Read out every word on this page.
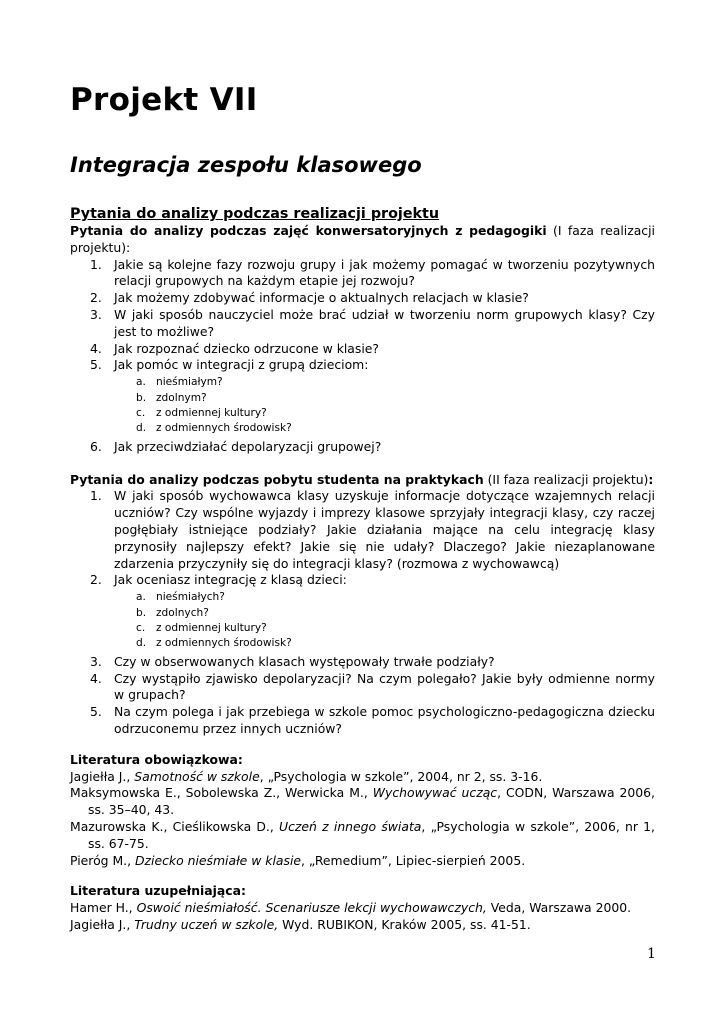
Projekt VII
Integracja zespołu klasowego
Pytania do analizy podczas realizacji projektu
Pytania do analizy podczas zajęć konwersatoryjnych z pedagogiki (I faza realizacji projektu):
1. Jakie są kolejne fazy rozwoju grupy i jak możemy pomagać w tworzeniu pozytywnych relacji grupowych na każdym etapie jej rozwoju?
2. Jak możemy zdobywać informacje o aktualnych relacjach w klasie?
3. W jaki sposób nauczyciel może brać udział w tworzeniu norm grupowych klasy? Czy jest to możliwe?
4. Jak rozpoznać dziecko odrzucone w klasie?
5. Jak pomóc w integracji z grupą dzieciom:
a. nieśmiałym?
b. zdolnym?
c. z odmiennej kultury?
d. z odmiennych środowisk?
6. Jak przeciwdziałać depolaryzacji grupowej?
Pytania do analizy podczas pobytu studenta na praktykach (II faza realizacji projektu):
1. W jaki sposób wychowawca klasy uzyskuje informacje dotyczące wzajemnych relacji uczniów? Czy wspólne wyjazdy i imprezy klasowe sprzyjały integracji klasy, czy raczej pogłębiały istniejące podziały? Jakie działania mające na celu integrację klasy przynosiły najlepszy efekt? Jakie się nie udały? Dlaczego? Jakie niezaplanowane zdarzenia przyczyniły się do integracji klasy? (rozmowa z wychowawcą)
2. Jak oceniasz integrację z klasą dzieci:
a. nieśmiałych?
b. zdolnych?
c. z odmiennej kultury?
d. z odmiennych środowisk?
3. Czy w obserwowanych klasach występowały trwałe podziały?
4. Czy wystąpiło zjawisko depolaryzacji? Na czym polegało? Jakie były odmienne normy w grupach?
5. Na czym polega i jak przebiega w szkole pomoc psychologiczno-pedagogiczna dziecku odrzuconemu przez innych uczniów?
Literatura obowiązkowa:
Jagiełła J., Samotność w szkole, „Psychologia w szkole”, 2004, nr 2, ss. 3-16.
Maksymowska E., Sobolewska Z., Werwicka M., Wychowywać ucząc, CODN, Warszawa 2006, ss. 35–40, 43.
Mazurowska K., Cieślikowska D., Uczeń z innego świata, „Psychologia w szkole”, 2006, nr 1, ss. 67-75.
Pieróg M., Dziecko nieśmiałe w klasie, „Remedium”, Lipiec-sierpień 2005.
Literatura uzupełniająca:
Hamer H., Oswoić nieśmiałość. Scenariusze lekcji wychowawczych, Veda, Warszawa 2000.
Jagiełła J., Trudny uczeń w szkole, Wyd. RUBIKON, Kraków 2005, ss. 41-51.
1
